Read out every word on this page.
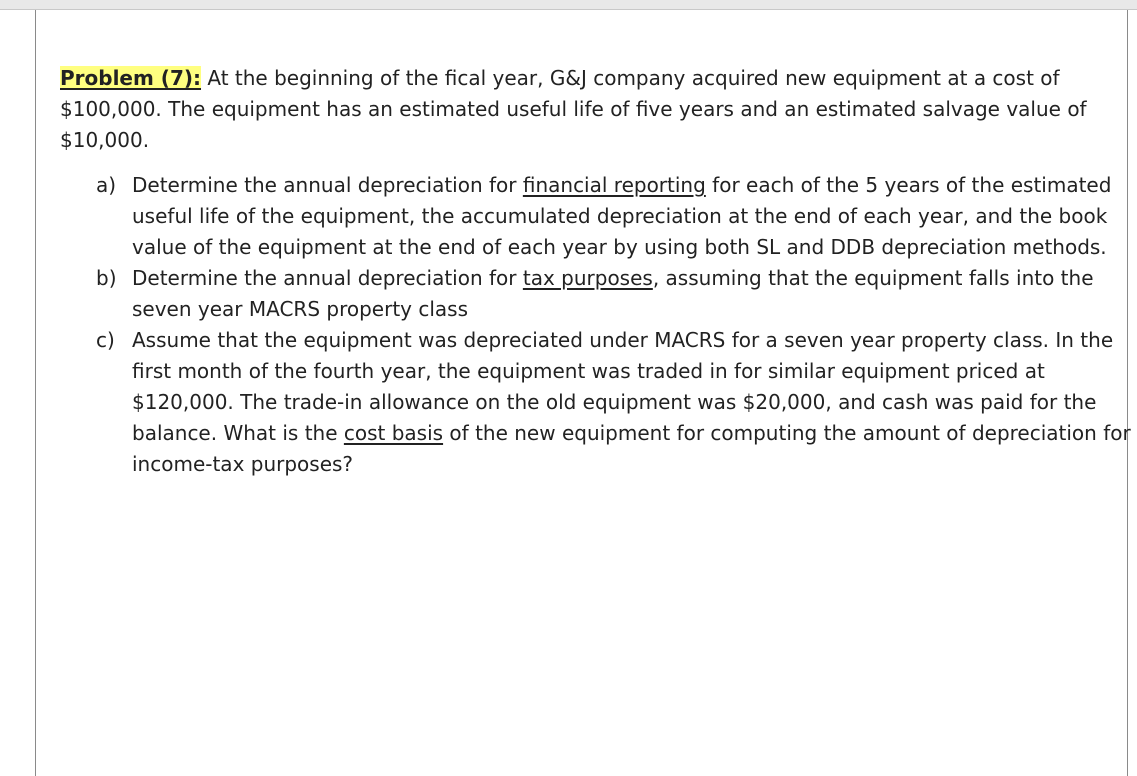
Problem (7): At the beginning of the fical year, G&J company acquired new equipment at a cost of $100,000. The equipment has an estimated useful life of five years and an estimated salvage value of $10,000.

a) Determine the annual depreciation for financial reporting for each of the 5 years of the estimated useful life of the equipment, the accumulated depreciation at the end of each year, and the book value of the equipment at the end of each year by using both SL and DDB depreciation methods.
b) Determine the annual depreciation for tax purposes, assuming that the equipment falls into the seven year MACRS property class
c) Assume that the equipment was depreciated under MACRS for a seven year property class. In the first month of the fourth year, the equipment was traded in for similar equipment priced at $120,000. The trade-in allowance on the old equipment was $20,000, and cash was paid for the balance. What is the cost basis of the new equipment for computing the amount of depreciation for income-tax purposes?
